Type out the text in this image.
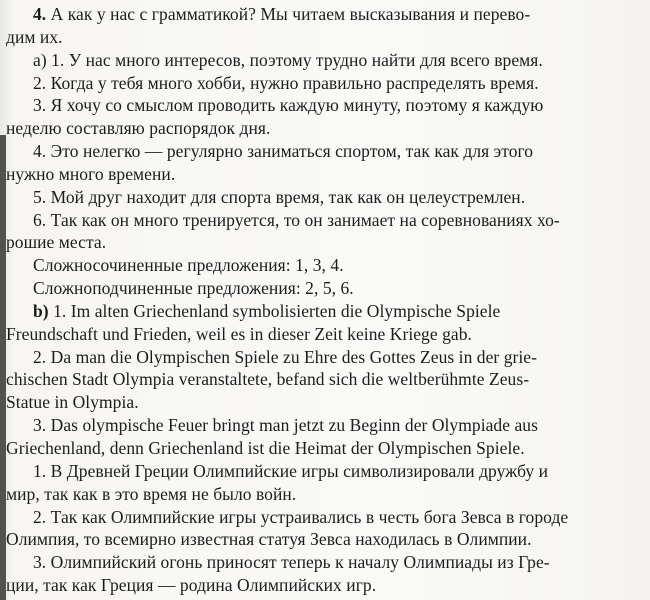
4. А как у нас с грамматикой? Мы читаем высказывания и перево-

дим их.

а) 1. У нас много интересов, поэтому трудно найти для всего время.

2. Когда у тебя много хобби, нужно правильно распределять время.

3. Я хочу со смыслом проводить каждую минуту, поэтому я каждую

неделю составляю распорядок дня.

4. Это нелегко — регулярно заниматься спортом, так как для этого

нужно много времени.

5. Мой друг находит для спорта время, так как он целеустремлен.

6. Так как он много тренируется, то он занимает на соревнованиях хо-

рошие места.

Сложносочиненные предложения: 1, 3, 4.

Сложноподчиненные предложения: 2, 5, 6.

b) 1. Im alten Griechenland symbolisierten die Olympische Spiele

Freundschaft und Frieden, weil es in dieser Zeit keine Kriege gab.

2. Da man die Olympischen Spiele zu Ehre des Gottes Zeus in der grie-

chischen Stadt Olympia veranstaltete, befand sich die weltberühmte Zeus-

Statue in Olympia.

3. Das olympische Feuer bringt man jetzt zu Beginn der Olympiade aus

Griechenland, denn Griechenland ist die Heimat der Olympischen Spiele.

1. В Древней Греции Олимпийские игры символизировали дружбу и

мир, так как в это время не было войн.

2. Так как Олимпийские игры устраивались в честь бога Зевса в городе

Олимпия, то всемирно известная статуя Зевса находилась в Олимпии.

3. Олимпийский огонь приносят теперь к началу Олимпиады из Гре-

ции, так как Греция — родина Олимпийских игр.
